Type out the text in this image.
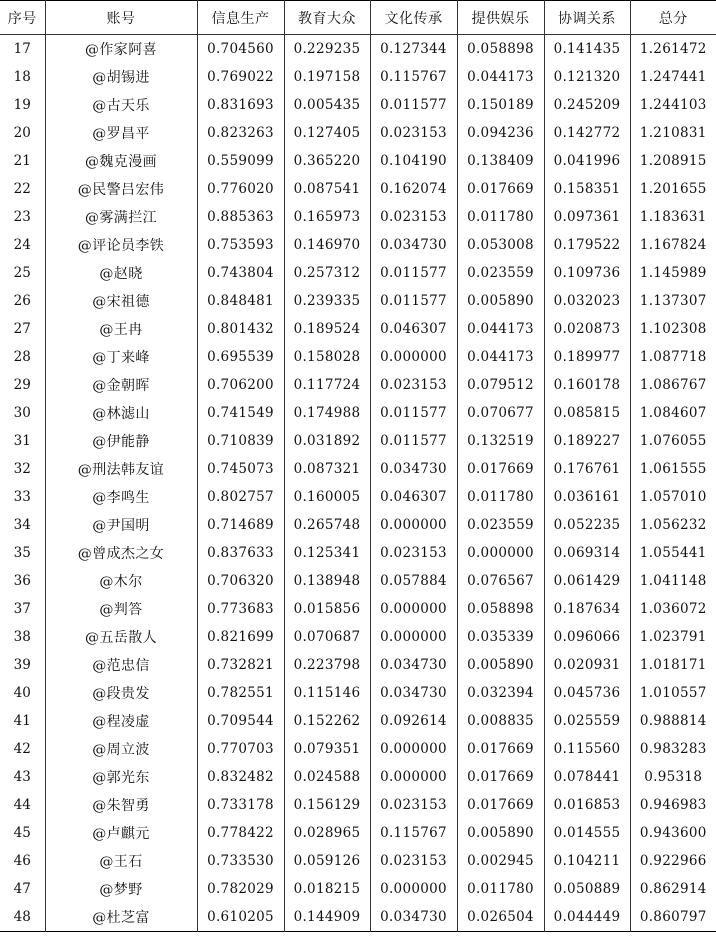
序号	账号	信息生产	教育大众	文化传承	提供娱乐	协调关系	总分
17	@作家阿喜	0.704560	0.229235	0.127344	0.058898	0.141435	1.261472
18	@胡锡进	0.769022	0.197158	0.115767	0.044173	0.121320	1.247441
19	@古天乐	0.831693	0.005435	0.011577	0.150189	0.245209	1.244103
20	@罗昌平	0.823263	0.127405	0.023153	0.094236	0.142772	1.210831
21	@魏克漫画	0.559099	0.365220	0.104190	0.138409	0.041996	1.208915
22	@民警吕宏伟	0.776020	0.087541	0.162074	0.017669	0.158351	1.201655
23	@雾满拦江	0.885363	0.165973	0.023153	0.011780	0.097361	1.183631
24	@评论员李铁	0.753593	0.146970	0.034730	0.053008	0.179522	1.167824
25	@赵晓	0.743804	0.257312	0.011577	0.023559	0.109736	1.145989
26	@宋祖德	0.848481	0.239335	0.011577	0.005890	0.032023	1.137307
27	@王冉	0.801432	0.189524	0.046307	0.044173	0.020873	1.102308
28	@丁来峰	0.695539	0.158028	0.000000	0.044173	0.189977	1.087718
29	@金朝晖	0.706200	0.117724	0.023153	0.079512	0.160178	1.086767
30	@林滤山	0.741549	0.174988	0.011577	0.070677	0.085815	1.084607
31	@伊能静	0.710839	0.031892	0.011577	0.132519	0.189227	1.076055
32	@刑法韩友谊	0.745073	0.087321	0.034730	0.017669	0.176761	1.061555
33	@李鸣生	0.802757	0.160005	0.046307	0.011780	0.036161	1.057010
34	@尹国明	0.714689	0.265748	0.000000	0.023559	0.052235	1.056232
35	@曾成杰之女	0.837633	0.125341	0.023153	0.000000	0.069314	1.055441
36	@木尔	0.706320	0.138948	0.057884	0.076567	0.061429	1.041148
37	@判答	0.773683	0.015856	0.000000	0.058898	0.187634	1.036072
38	@五岳散人	0.821699	0.070687	0.000000	0.035339	0.096066	1.023791
39	@范忠信	0.732821	0.223798	0.034730	0.005890	0.020931	1.018171
40	@段贵发	0.782551	0.115146	0.034730	0.032394	0.045736	1.010557
41	@程凌虚	0.709544	0.152262	0.092614	0.008835	0.025559	0.988814
42	@周立波	0.770703	0.079351	0.000000	0.017669	0.115560	0.983283
43	@郭光东	0.832482	0.024588	0.000000	0.017669	0.078441	0.95318
44	@朱智勇	0.733178	0.156129	0.023153	0.017669	0.016853	0.946983
45	@卢麒元	0.778422	0.028965	0.115767	0.005890	0.014555	0.943600
46	@王石	0.733530	0.059126	0.023153	0.002945	0.104211	0.922966
47	@梦野	0.782029	0.018215	0.000000	0.011780	0.050889	0.862914
48	@杜芝富	0.610205	0.144909	0.034730	0.026504	0.044449	0.860797
